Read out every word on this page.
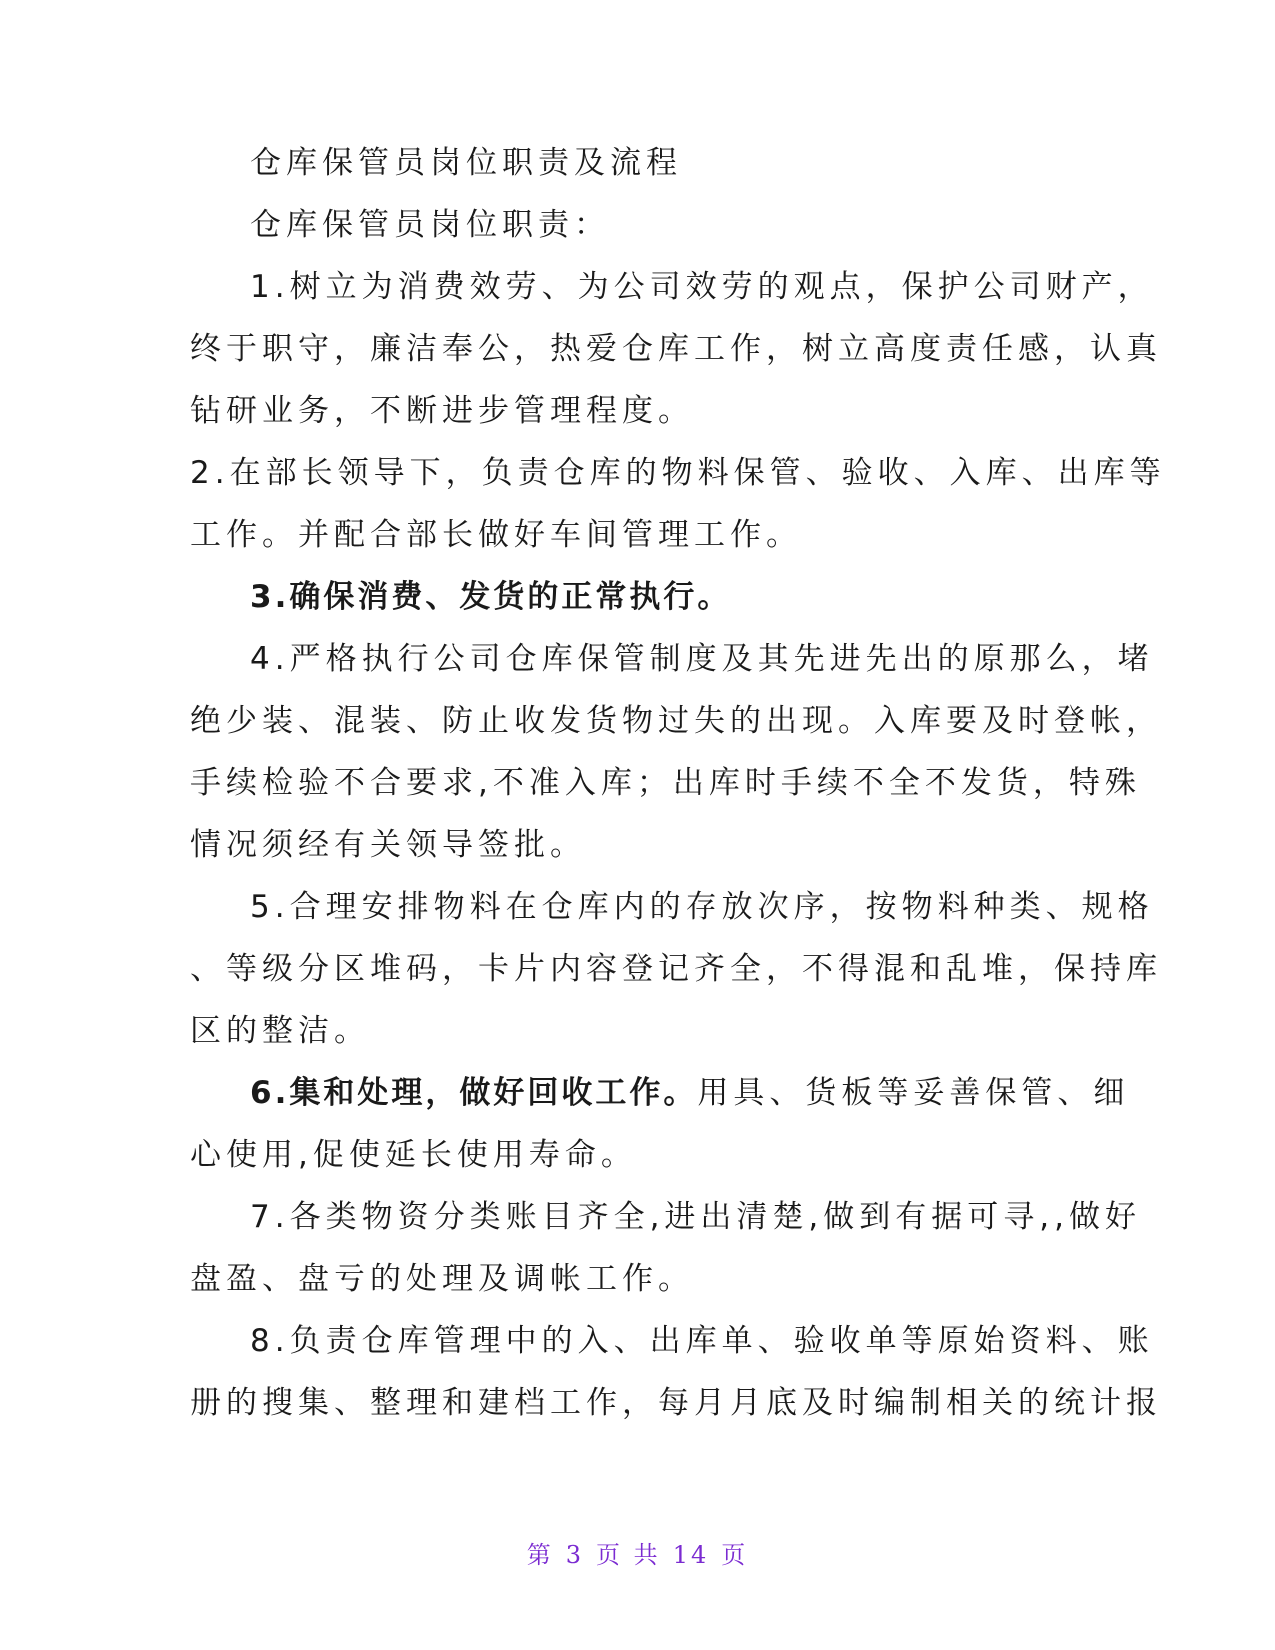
仓库保管员岗位职责及流程
仓库保管员岗位职责：
1.树立为消费效劳、为公司效劳的观点，保护公司财产，
终于职守，廉洁奉公，热爱仓库工作，树立高度责任感，认真
钻研业务，不断进步管理程度。
2.在部长领导下，负责仓库的物料保管、验收、入库、出库等
工作。并配合部长做好车间管理工作。
3.确保消费、发货的正常执行。
4.严格执行公司仓库保管制度及其先进先出的原那么，堵
绝少装、混装、防止收发货物过失的出现。入库要及时登帐，
手续检验不合要求,不准入库；出库时手续不全不发货，特殊
情况须经有关领导签批。
5.合理安排物料在仓库内的存放次序，按物料种类、规格
、等级分区堆码，卡片内容登记齐全，不得混和乱堆，保持库
区的整洁。
6.集和处理，做好回收工作。用具、货板等妥善保管、细
心使用,促使延长使用寿命。
7.各类物资分类账目齐全,进出清楚,做到有据可寻,,做好
盘盈、盘亏的处理及调帐工作。
8.负责仓库管理中的入、出库单、验收单等原始资料、账
册的搜集、整理和建档工作，每月月底及时编制相关的统计报
第 3 页 共 14 页
